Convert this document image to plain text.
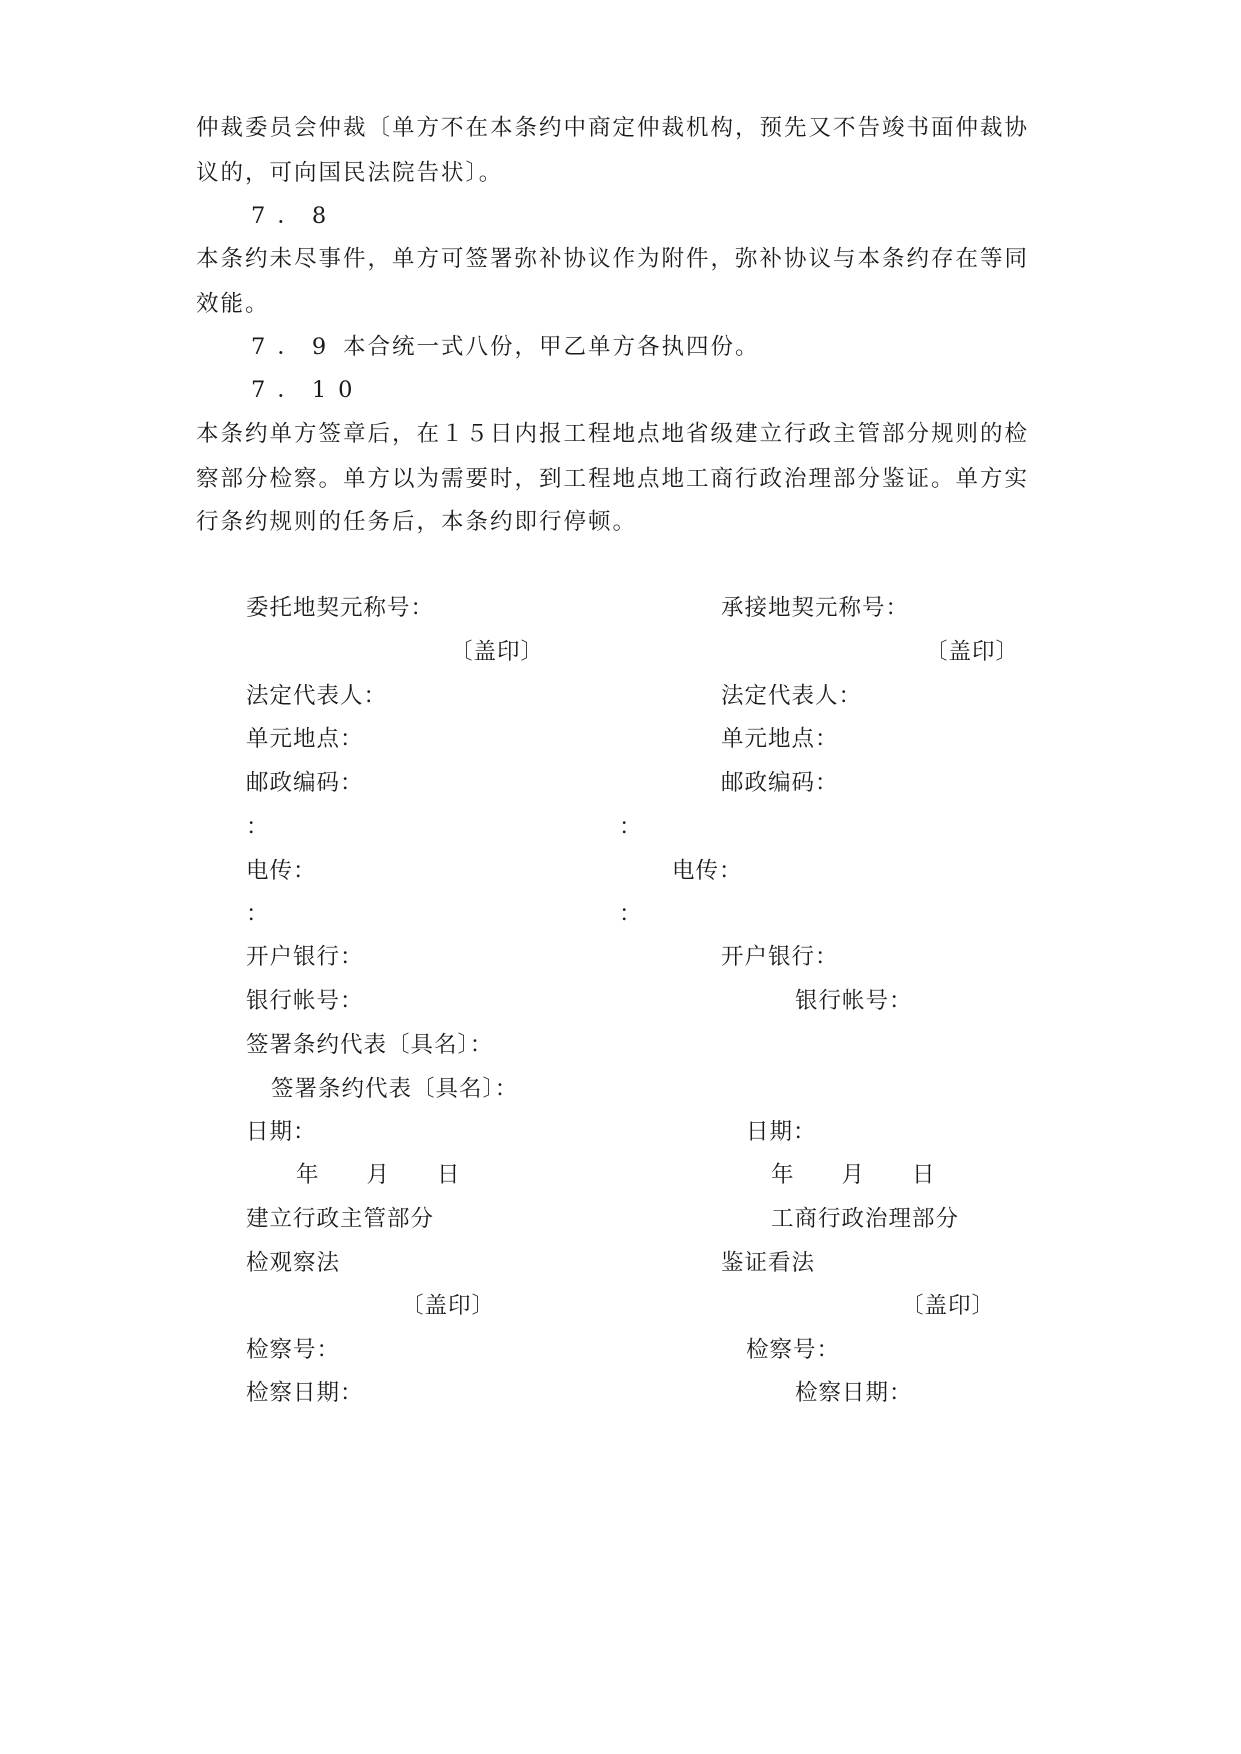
仲裁委员会仲裁〔单方不在本条约中商定仲裁机构，预先又不告竣书面仲裁协
议的，可向国民法院告状〕。
7．8
本条约未尽事件，单方可签署弥补协议作为附件，弥补协议与本条约存在等同
效能。
7．9 本合统一式八份，甲乙单方各执四份。
7．10
本条约单方签章后，在１５日内报工程地点地省级建立行政主管部分规则的检
察部分检察。单方以为需要时，到工程地点地工商行政治理部分鉴证。单方实
行条约规则的任务后，本条约即行停顿。
委托地契元称号：
〔盖印〕
法定代表人：
单元地点：
邮政编码：
：
电传：
：
开户银行：
银行帐号：
签署条约代表〔具名〕：
签署条约代表〔具名〕：
日期：
年　　月　　日
建立行政主管部分
检观察法
〔盖印〕
检察号：
检察日期：
承接地契元称号：
〔盖印〕
法定代表人：
单元地点：
邮政编码：
：
电传：
：
开户银行：
银行帐号：
日期：
年　　月　　日
工商行政治理部分
鉴证看法
〔盖印〕
检察号：
检察日期：
